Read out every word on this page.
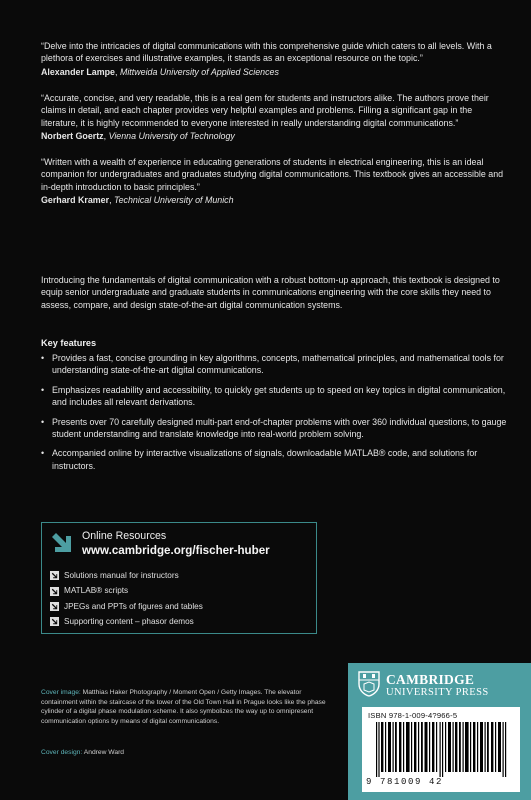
“Delve into the intricacies of digital communications with this comprehensive guide which caters to all levels. With a plethora of exercises and illustrative examples, it stands as an exceptional resource on the topic.”

Alexander Lampe, Mittweida University of Applied Sciences

“Accurate, concise, and very readable, this is a real gem for students and instructors alike. The authors prove their claims in detail, and each chapter provides very helpful examples and problems. Filling a significant gap in the literature, it is highly recommended to everyone interested in really understanding digital communications.”

Norbert Goertz, Vienna University of Technology

“Written with a wealth of experience in educating generations of students in electrical engineering, this is an ideal companion for undergraduates and graduates studying digital communications. This textbook gives an accessible and in-depth introduction to basic principles.”

Gerhard Kramer, Technical University of Munich

Introducing the fundamentals of digital communication with a robust bottom-up approach, this textbook is designed to equip senior undergraduate and graduate students in communications engineering with the core skills they need to assess, compare, and design state-of-the-art digital communication systems.

Key features
• Provides a fast, concise grounding in key algorithms, concepts, mathematical principles, and mathematical tools for understanding state-of-the-art digital communications.
• Emphasizes readability and accessibility, to quickly get students up to speed on key topics in digital communication, and includes all relevant derivations.
• Presents over 70 carefully designed multi-part end-of-chapter problems with over 360 individual questions, to gauge student understanding and translate knowledge into real-world problem solving.
• Accompanied online by interactive visualizations of signals, downloadable MATLAB® code, and solutions for instructors.
Online Resources
www.cambridge.org/fischer-huber
Solutions manual for instructors
MATLAB® scripts
JPEGs and PPTs of figures and tables
Supporting content – phasor demos

Cover image: Matthias Haker Photography / Moment Open / Getty Images. The elevator containment within the staircase of the tower of the Old Town Hall in Prague looks like the phase cylinder of a digital phase modulation scheme. It also symbolizes the way up to omnipresent communication options by means of digital communications.

Cover design: Andrew Ward
CAMBRIDGE
UNIVERSITY PRESS
ISBN 978-1-009-4?966-5
9 781009 42
